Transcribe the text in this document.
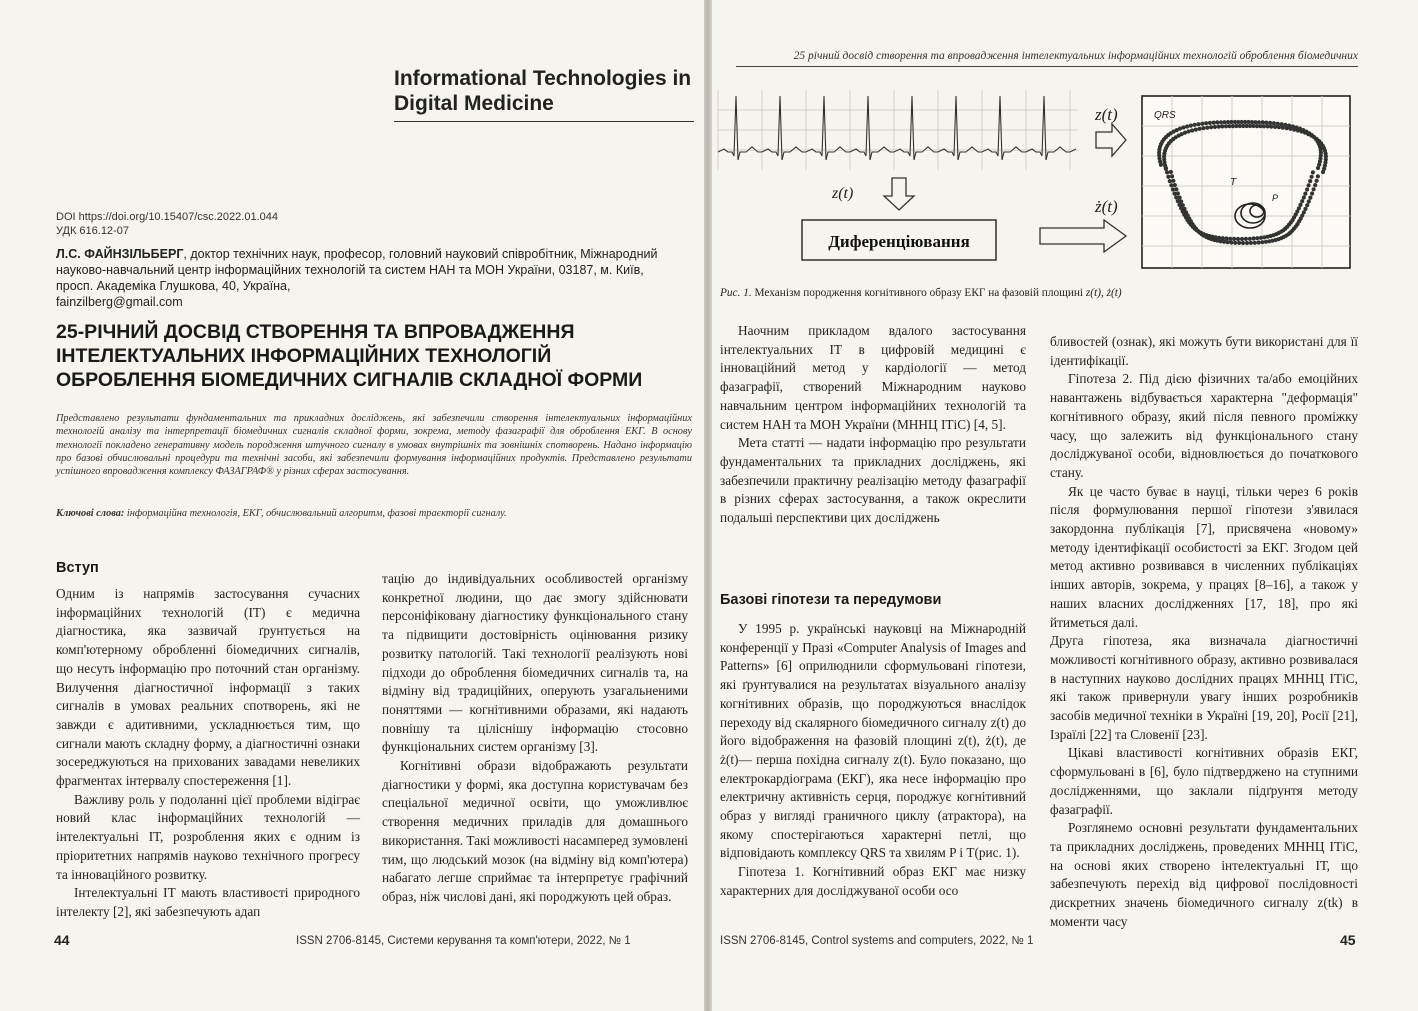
Informational Technologies in Digital Medicine
DOI https://doi.org/10.15407/csc.2022.01.044
УДК 616.12-07
Л.С. ФАЙНЗІЛЬБЕРГ, доктор технічних наук, професор, головний науковий співробітник, Міжнародний науково-навчальний центр інформаційних технологій та систем НАН та МОН України, 03187, м. Київ, просп. Академіка Глушкова, 40, Україна,
fainzilberg@gmail.com
25-РІЧНИЙ ДОСВІД СТВОРЕННЯ ТА ВПРОВАДЖЕННЯ ІНТЕЛЕКТУАЛЬНИХ ІНФОРМАЦІЙНИХ ТЕХНОЛОГІЙ ОБРОБЛЕННЯ БІОМЕДИЧНИХ СИГНАЛІВ СКЛАДНОЇ ФОРМИ
Представлено результати фундаментальних та прикладних досліджень, які забезпечили створення інтелектуальних інформаційних технологій аналізу та інтерпретації біомедичних сигналів складної форми, зокрема, методу фазаграфії для оброблення ЕКГ. В основу технології покладено генеративну модель породження штучного сигналу в умовах внутрішніх та зовнішніх спотворень. Надано інформацію про базові обчислювальні процедури та технічні засоби, які забезпечили формування інформаційних продуктів. Представлено результати успішного впровадження комплексу ФАЗАГРАФ® у різних сферах застосування.
Ключові слова: інформаційна технологія, ЕКГ, обчислювальний алгоритм, фазові траєкторії сигналу.
Вступ

Одним із напрямів застосування сучасних інформаційних технологій (ІТ) є медична діагностика, яка зазвичай ґрунтується на комп'ютерному обробленні біомедичних сигналів, що несуть інформацію про поточний стан організму. Вилучення діагностичної інформації з таких сигналів в умовах реальних спотворень, які не завжди є адитивними, ускладнюється тим, що сигнали мають складну форму, а діагностичні ознаки зосереджуються на прихованих завадами невеликих фрагментах інтервалу спостереження [1].

Важливу роль у подоланні цієї проблеми відіграє новий клас інформаційних технологій — інтелектуальні ІТ, розроблення яких є одним із пріоритетних напрямів науково технічного прогресу та інноваційного розвитку.

Інтелектуальні ІТ мають властивості природного інтелекту [2], які забезпечують адап

тацію до індивідуальних особливостей організму конкретної людини, що дає змогу здійснювати персоніфіковану діагностику функціонального стану та підвищити достовірність оцінювання ризику розвитку патологій. Такі технології реалізують нові підходи до оброблення біомедичних сигналів та, на відміну від традиційних, оперують узагальненими поняттями — когнітивними образами, які надають повнішу та ціліснішу інформацію стосовно функціональних систем організму [3].

Когнітивні образи відображають результати діагностики у формі, яка доступна користувачам без спеціальної медичної освіти, що уможливлює створення медичних приладів для домашнього використання. Такі можливості насамперед зумовлені тим, що людський мозок (на відміну від комп'ютера) набагато легше сприймає та інтерпретує графічний образ, ніж числові дані, які породжують цей образ.

44	ISSN 2706-8145, Системи керування та комп'ютери, 2022, № 1
25 річний досвід створення та впровадження інтелектуальних інформаційних технологій оброблення біомедичних
z(t)
Диференціювання
z(t)
ż(t)
QRS
T
P
Рис. 1. Механізм породження когнітивного образу ЕКГ на фазовій площині z(t), ż(t)

Наочним прикладом вдалого застосування інтелектуальних ІТ в цифровій медицині є інноваційний метод у кардіології — метод фазаграфії, створений Міжнародним науково навчальним центром інформаційних технологій та систем НАН та МОН України (МННЦ ІТіС) [4, 5].

Мета статті — надати інформацію про результати фундаментальних та прикладних досліджень, які забезпечили практичну реалізацію методу фазаграфії в різних сферах застосування, а також окреслити подальші перспективи цих досліджень

Базові гіпотези та передумови

У 1995 р. українські науковці на Міжнародній конференції у Празі «Computer Analysis of Images and Patterns» [6] оприлюднили сформульовані гіпотези, які ґрунтувалися на результатах візуального аналізу когнітивних образів, що породжуються внаслідок переходу від скалярного біомедичного сигналу z(t) до його відображення на фазовій площині z(t), ż(t), де ż(t)— перша похідна сигналу z(t). Було показано, що електрокардіограма (ЕКГ), яка несе інформацію про електричну активність серця, породжує когнітивний образ у вигляді граничного циклу (атрактора), на якому спостерігаються характерні петлі, що відповідають комплексу QRS та хвилям P і T(рис. 1).

Гіпотеза 1. Когнітивний образ ЕКГ має низку характерних для досліджуваної особи осо

бливостей (ознак), які можуть бути використані для її ідентифікації.

Гіпотеза 2. Під дією фізичних та/або емоційних навантажень відбувається характерна "деформація" когнітивного образу, який після певного проміжку часу, що залежить від функціонального стану досліджуваної особи, відновлюється до початкового стану.

Як це часто буває в науці, тільки через 6 років після формулювання першої гіпотези з'явилася закордонна публікація [7], присвячена «новому» методу ідентифікації особистості за ЕКГ. Згодом цей метод активно розвивався в численних публікаціях інших авторів, зокрема, у працях [8–16], а також у наших власних дослідженнях [17, 18], про які йтиметься далі.

Друга гіпотеза, яка визначала діагностичні можливості когнітивного образу, активно розвивалася в наступних науково дослідних працях МННЦ ІТіС, які також привернули увагу інших розробників засобів медичної техніки в Україні [19, 20], Росії [21], Ізраїлі [22] та Словенії [23].

Цікаві властивості когнітивних образів ЕКГ, сформульовані в [6], було підтверджено на ступними дослідженнями, що заклали підґрунтя методу фазаграфії.

Розглянемо основні результати фундаментальних та прикладних досліджень, проведених МННЦ ІТіС, на основі яких створено інтелектуальні ІТ, що забезпечують перехід від цифрової послідовності дискретних значень біомедичного сигналу z(tk) в моменти часу

ISSN 2706-8145, Control systems and computers, 2022, № 1	45
